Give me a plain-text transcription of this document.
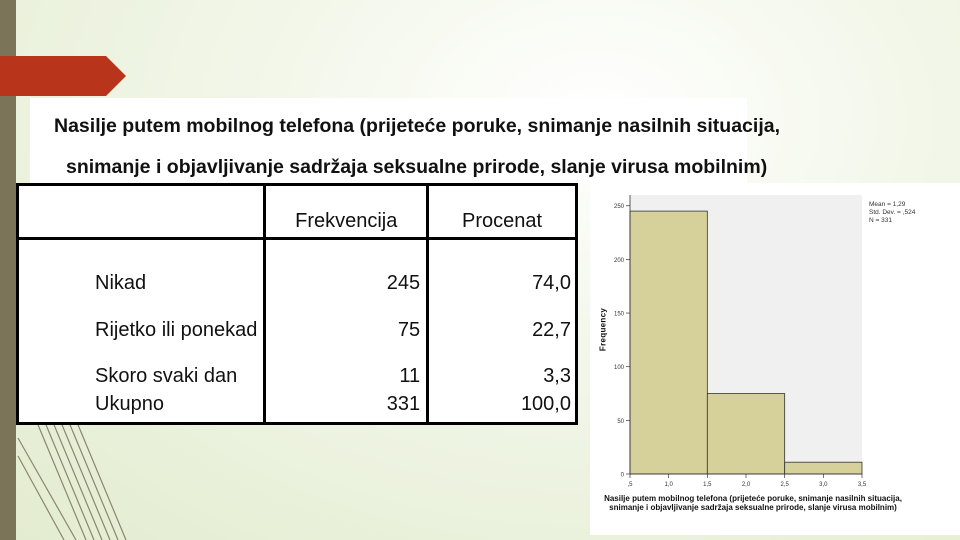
Nasilje putem mobilnog telefona (prijeteće poruke, snimanje nasilnih situacija,
snimanje i objavljivanje sadržaja seksualne prirode, slanje virusa mobilnim)
	Frekvencija	Procenat
Nikad	245	74,0
Rijetko ili ponekad	75	22,7
Skoro svaki dan	11	3,3
Ukupno	331	100,0
0
50
100
150
200
250
,5	1,0	1,5	2,0	2,5	3,0	3,5
Frequency
Mean = 1,29
Std. Dev. = ,524
N = 331
Nasilje putem mobilnog telefona (prijeteće poruke, snimanje nasilnih situacija, snimanje i objavljivanje sadržaja seksualne prirode, slanje virusa mobilnim)
